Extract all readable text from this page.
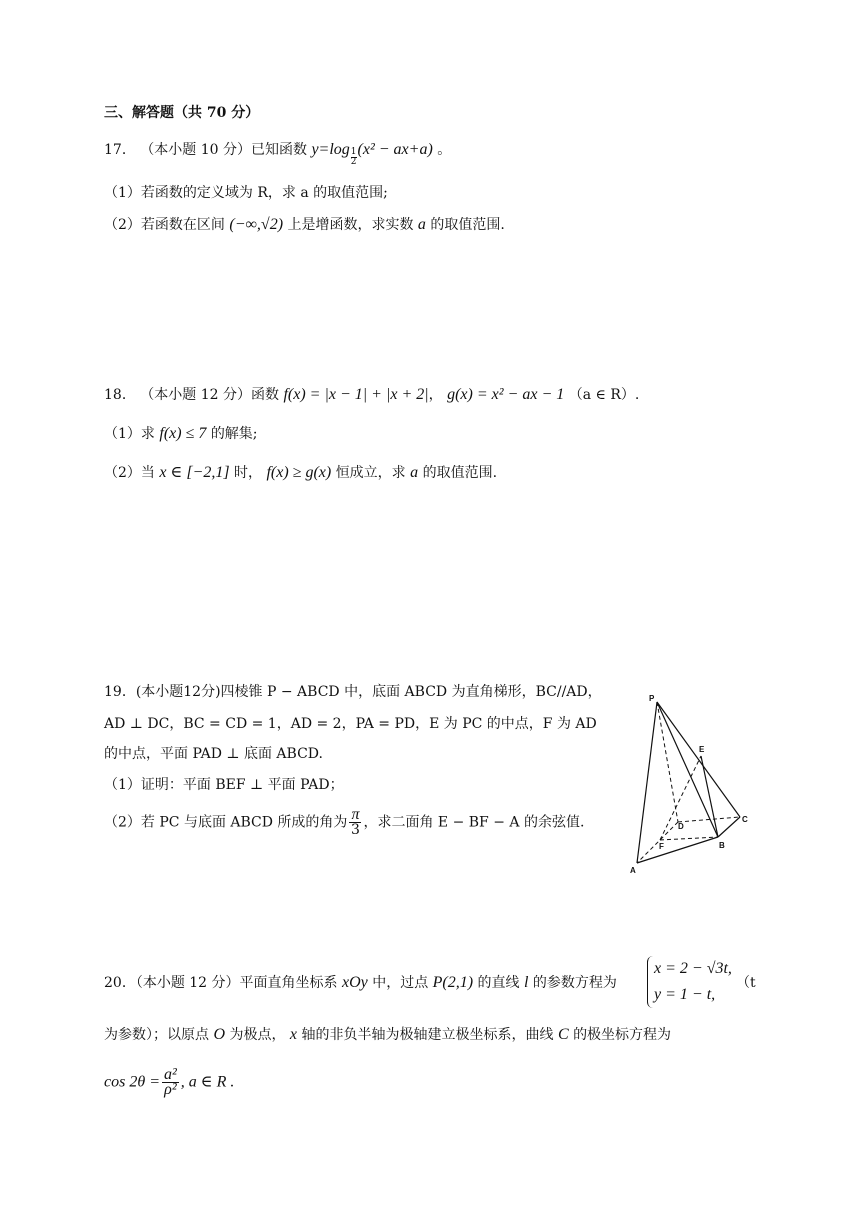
三、解答题（共 70 分）
17． （本小题 10 分）已知函数 $y=\log \frac{1}{2}(x^2 - ax+a)$ 。
（1）若函数的定义域为 R，求 a 的取值范围;
（2）若函数在区间 (−∞,√2) 上是增函数，求实数 a 的取值范围.
18． （本小题 12 分）函数 f(x) = |x − 1| + |x + 2|， g(x) = x² − ax − 1 （a ∈ R）.
（1）求 f(x) ≤ 7 的解集;
（2）当 x ∈ [−2,1] 时， f(x) ≥ g(x) 恒成立，求 a 的取值范围.
19．(本小题12分)四棱锥 P − ABCD 中，底面 ABCD 为直角梯形，BC//AD，
AD ⊥ DC，BC = CD = 1，AD = 2，PA = PD，E 为 PC 的中点，F 为 AD
的中点，平面 PAD ⊥ 底面 ABCD.
（1）证明：平面 BEF ⊥ 平面 PAD；
（2）若 PC 与底面 ABCD 所成的角为 $\frac{\pi}{3}$ ，求二面角 E − BF − A 的余弦值.
P
E
D
C
F	B
A
20．（本小题 12 分）平面直角坐标系 xOy 中，过点 P(2,1) 的直线 l 的参数方程为
x = 2 − √3t,
y = 1 − t,
（t
为参数）；以原点 O 为极点， x 轴的非负半轴为极轴建立极坐标系，曲线 C 的极坐标方程为
$\cos 2\theta = \frac{\text{a²}}{\text{ρ²}}$ , a ∈ R .
